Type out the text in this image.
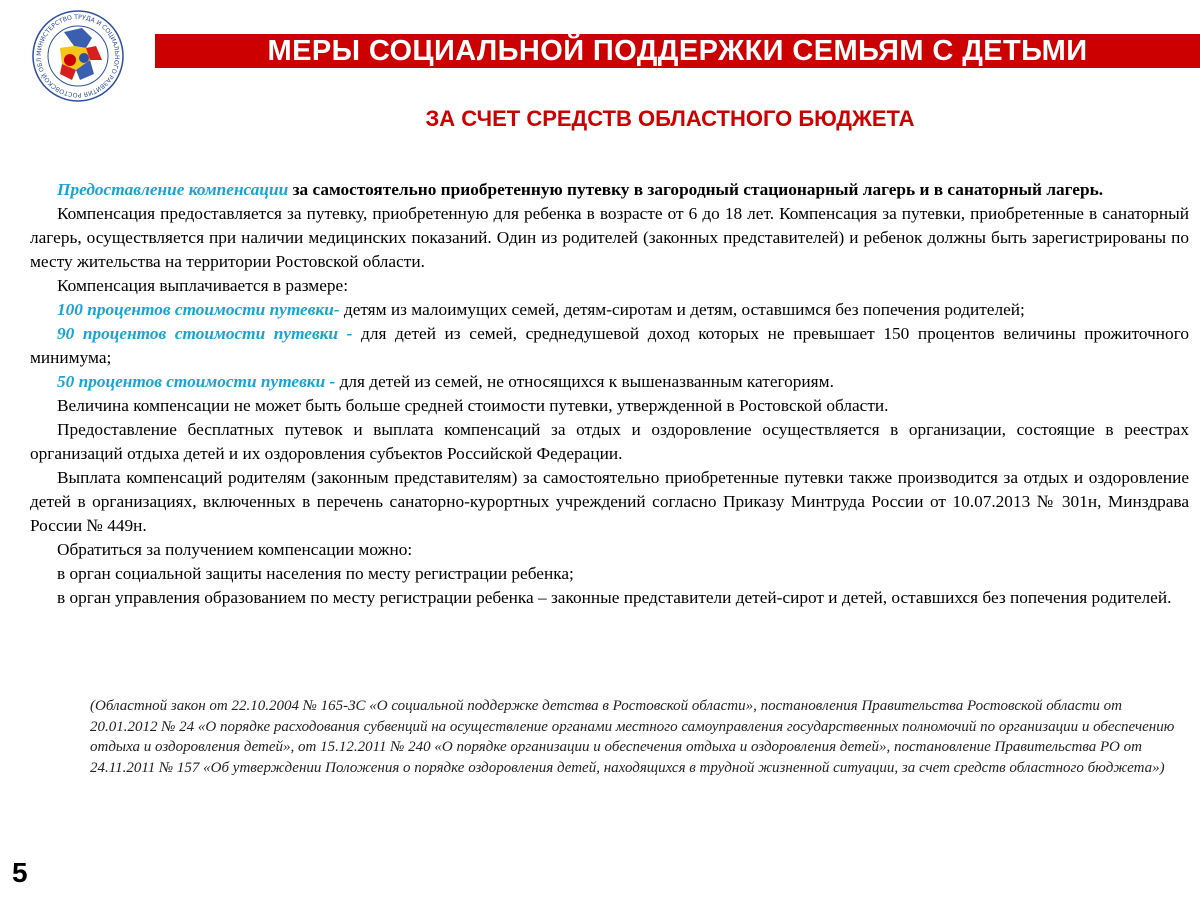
МИНИСТЕРСТВО ТРУДА И СОЦИАЛЬНОГО РАЗВИТИЯ РОСТОВСКОЙ ОБЛ	МЕРЫ СОЦИАЛЬНОЙ ПОДДЕРЖКИ СЕМЬЯМ С ДЕТЬМИ
ЗА СЧЕТ СРЕДСТВ ОБЛАСТНОГО БЮДЖЕТА

Предоставление компенсации за самостоятельно приобретенную путевку в загородный стационарный лагерь и в санаторный лагерь.

Компенсация предоставляется за путевку, приобретенную для ребенка в возрасте от 6 до 18 лет. Компенсация за путевки, приобретенные в санаторный лагерь, осуществляется при наличии медицинских показаний. Один из родителей (законных представителей) и ребенок должны быть зарегистрированы по месту жительства на территории Ростовской области.

Компенсация выплачивается в размере:

100 процентов стоимости путевки- детям из малоимущих семей, детям-сиротам и детям, оставшимся без попечения родителей;

90 процентов стоимости путевки - для детей из семей, среднедушевой доход которых не превышает 150 процентов величины прожиточного минимума;

50 процентов стоимости путевки - для детей из семей, не относящихся к вышеназванным категориям.

Величина компенсации не может быть больше средней стоимости путевки, утвержденной в Ростовской области.

Предоставление бесплатных путевок и выплата компенсаций за отдых и оздоровление осуществляется в организации, состоящие в реестрах организаций отдыха детей и их оздоровления субъектов Российской Федерации.

Выплата компенсаций родителям (законным представителям) за самостоятельно приобретенные путевки также производится за отдых и оздоровление детей в организациях, включенных в перечень санаторно-курортных учреждений согласно Приказу Минтруда России от 10.07.2013 № 301н, Минздрава России № 449н.

Обратиться за получением компенсации можно:

в орган социальной защиты населения по месту регистрации ребенка;

в орган управления образованием по месту регистрации ребенка – законные представители детей-сирот и детей, оставшихся без попечения родителей.

(Областной закон от 22.10.2004 № 165-ЗС «О социальной поддержке детства в Ростовской области», постановления Правительства Ростовской области от 20.01.2012 № 24 «О порядке расходования субвенций на осуществление органами местного самоуправления государственных полномочий по организации и обеспечению отдыха и оздоровления детей», от 15.12.2011 № 240 «О порядке организации и обеспечения отдыха и оздоровления детей», постановление Правительства РО от 24.11.2011 № 157 «Об утверждении Положения о порядке оздоровления детей, находящихся в трудной жизненной ситуации, за счет средств областного бюджета»)
5
